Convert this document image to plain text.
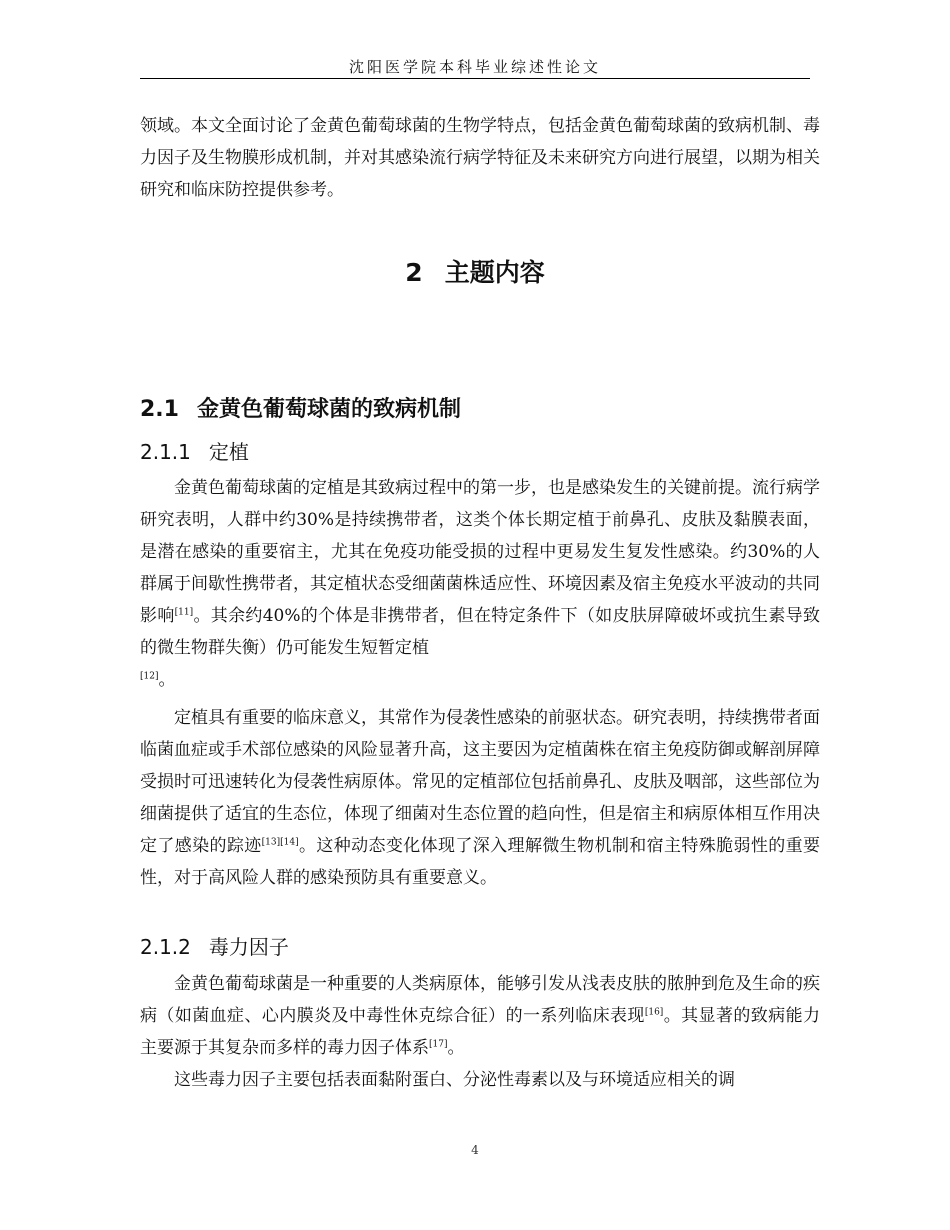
沈阳医学院本科毕业综述性论文

领域。本文全面讨论了金黄色葡萄球菌的生物学特点，包括金黄色葡萄球菌的致病机制、毒力因子及生物膜形成机制，并对其感染流行病学特征及未来研究方向进行展望，以期为相关研究和临床防控提供参考。

2 主题内容
2.1 金黄色葡萄球菌的致病机制
2.1.1 定植

金黄色葡萄球菌的定植是其致病过程中的第一步，也是感染发生的关键前提。流行病学研究表明，人群中约30%是持续携带者，这类个体长期定植于前鼻孔、皮肤及黏膜表面，是潜在感染的重要宿主，尤其在免疫功能受损的过程中更易发生复发性感染。约30%的人群属于间歇性携带者，其定植状态受细菌菌株适应性、环境因素及宿主免疫水平波动的共同影响[11]。其余约40%的个体是非携带者，但在特定条件下（如皮肤屏障破坏或抗生素导致的微生物群失衡）仍可能发生短暂定植
[12]。

定植具有重要的临床意义，其常作为侵袭性感染的前驱状态。研究表明，持续携带者面临菌血症或手术部位感染的风险显著升高，这主要因为定植菌株在宿主免疫防御或解剖屏障受损时可迅速转化为侵袭性病原体。常见的定植部位包括前鼻孔、皮肤及咽部，这些部位为细菌提供了适宜的生态位，体现了细菌对生态位置的趋向性，但是宿主和病原体相互作用决定了感染的踪迹[13][14]。这种动态变化体现了深入理解微生物机制和宿主特殊脆弱性的重要性，对于高风险人群的感染预防具有重要意义。

2.1.2 毒力因子

金黄色葡萄球菌是一种重要的人类病原体，能够引发从浅表皮肤的脓肿到危及生命的疾病（如菌血症、心内膜炎及中毒性休克综合征）的一系列临床表现[16]。其显著的致病能力主要源于其复杂而多样的毒力因子体系[17]。

这些毒力因子主要包括表面黏附蛋白、分泌性毒素以及与环境适应相关的调

4
